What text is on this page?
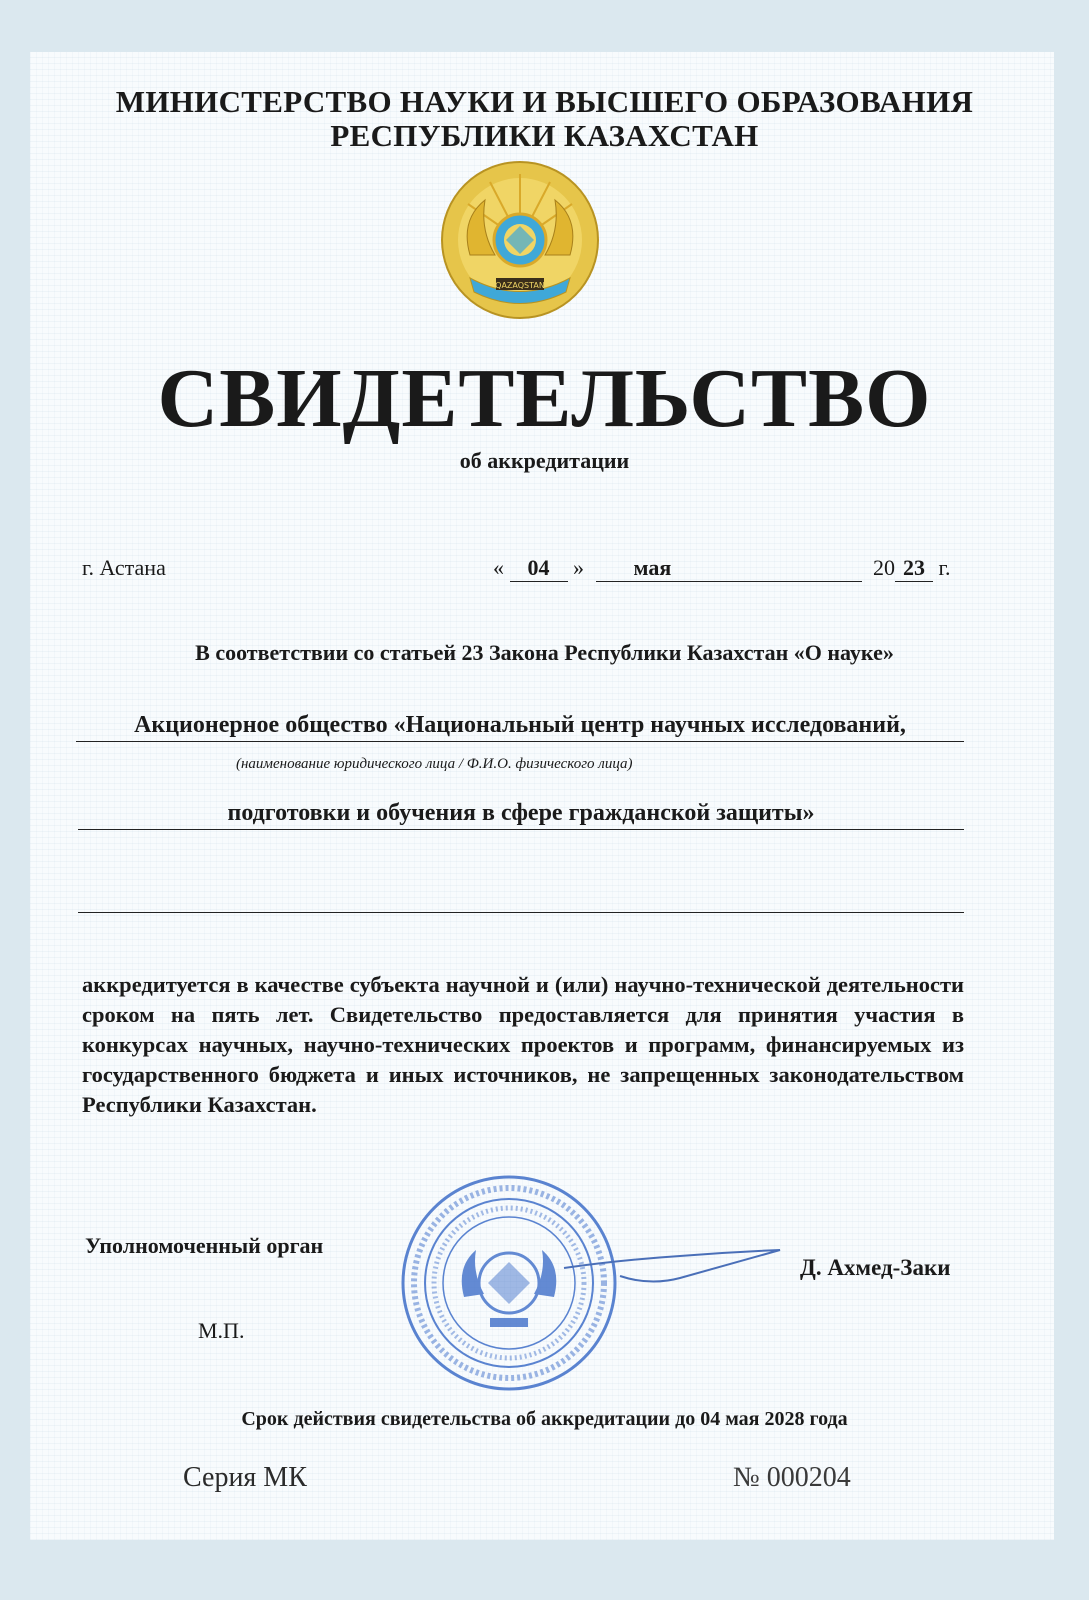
МИНИСТЕРСТВО НАУКИ И ВЫСШЕГО ОБРАЗОВАНИЯ
РЕСПУБЛИКИ КАЗАХСТАН
QAZAQSTAN
СВИДЕТЕЛЬСТВО
об аккредитации
г. Астана	« 04 » мая	20 23 г.
В соответствии со статьей 23 Закона Республики Казахстан «О науке»
Акционерное общество «Национальный центр научных исследований,
(наименование юридического лица / Ф.И.О. физического лица)
подготовки и обучения в сфере гражданской защиты»
аккредитуется в качестве субъекта научной и (или) научно-технической деятельности сроком на пять лет. Свидетельство предоставляется для принятия участия в конкурсах научных, научно-технических проектов и программ, финансируемых из государственного бюджета и иных источников, не запрещенных законодательством Республики Казахстан.
Уполномоченный орган
М.П.
Д. Ахмед-Заки
Срок действия свидетельства об аккредитации до 04 мая 2028 года
Серия МК	№ 000204
